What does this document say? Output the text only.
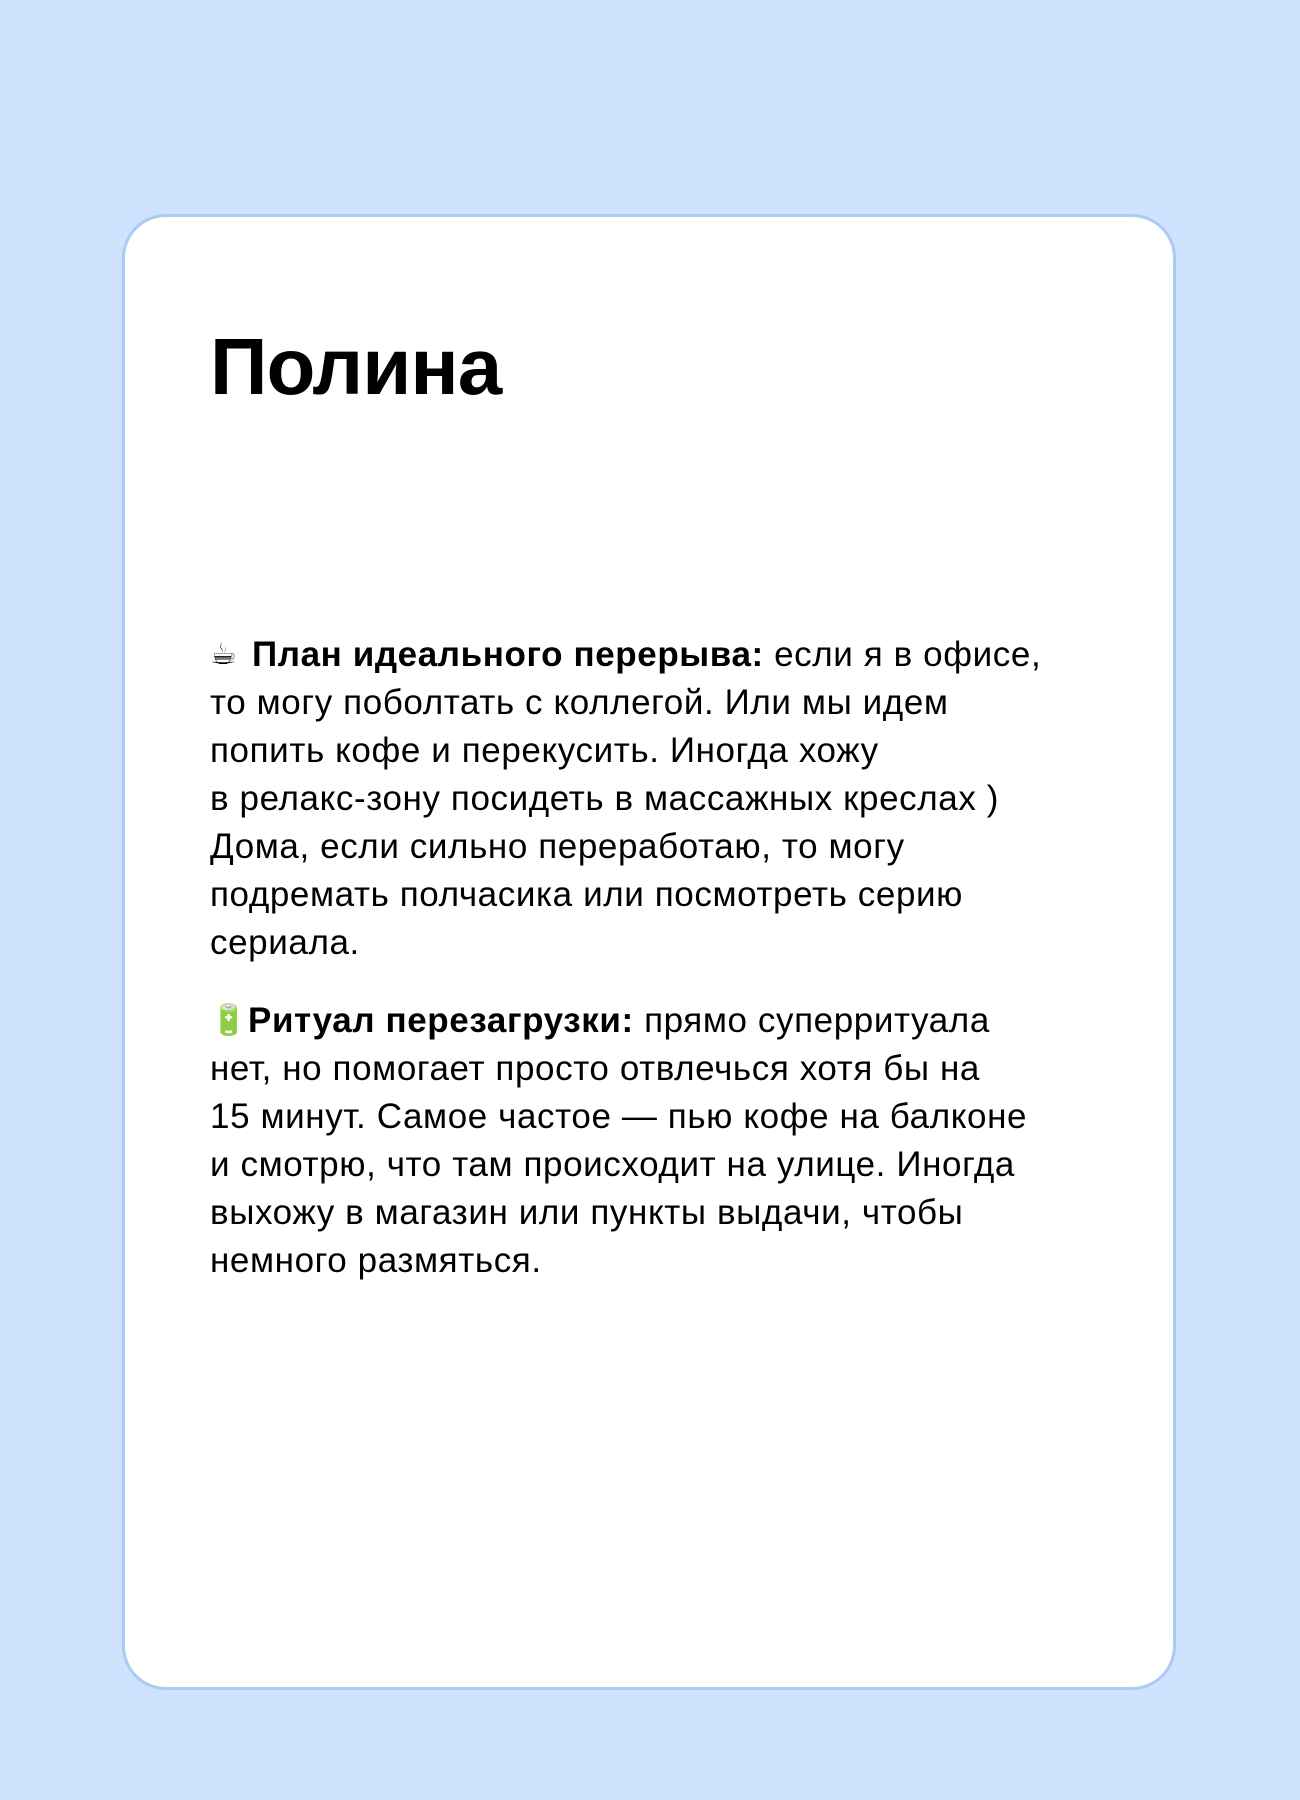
Полина

☕ План идеального перерыва: если я в офисе,
то могу поболтать с коллегой. Или мы идем
попить кофе и перекусить. Иногда хожу
в релакс-зону посидеть в массажных креслах )
Дома, если сильно переработаю, то могу
подремать полчасика или посмотреть серию
сериала.

🔋Ритуал перезагрузки: прямо суперритуала
нет, но помогает просто отвлечься хотя бы на
15 минут. Самое частое — пью кофе на балконе
и смотрю, что там происходит на улице. Иногда
выхожу в магазин или пункты выдачи, чтобы
немного размяться.
